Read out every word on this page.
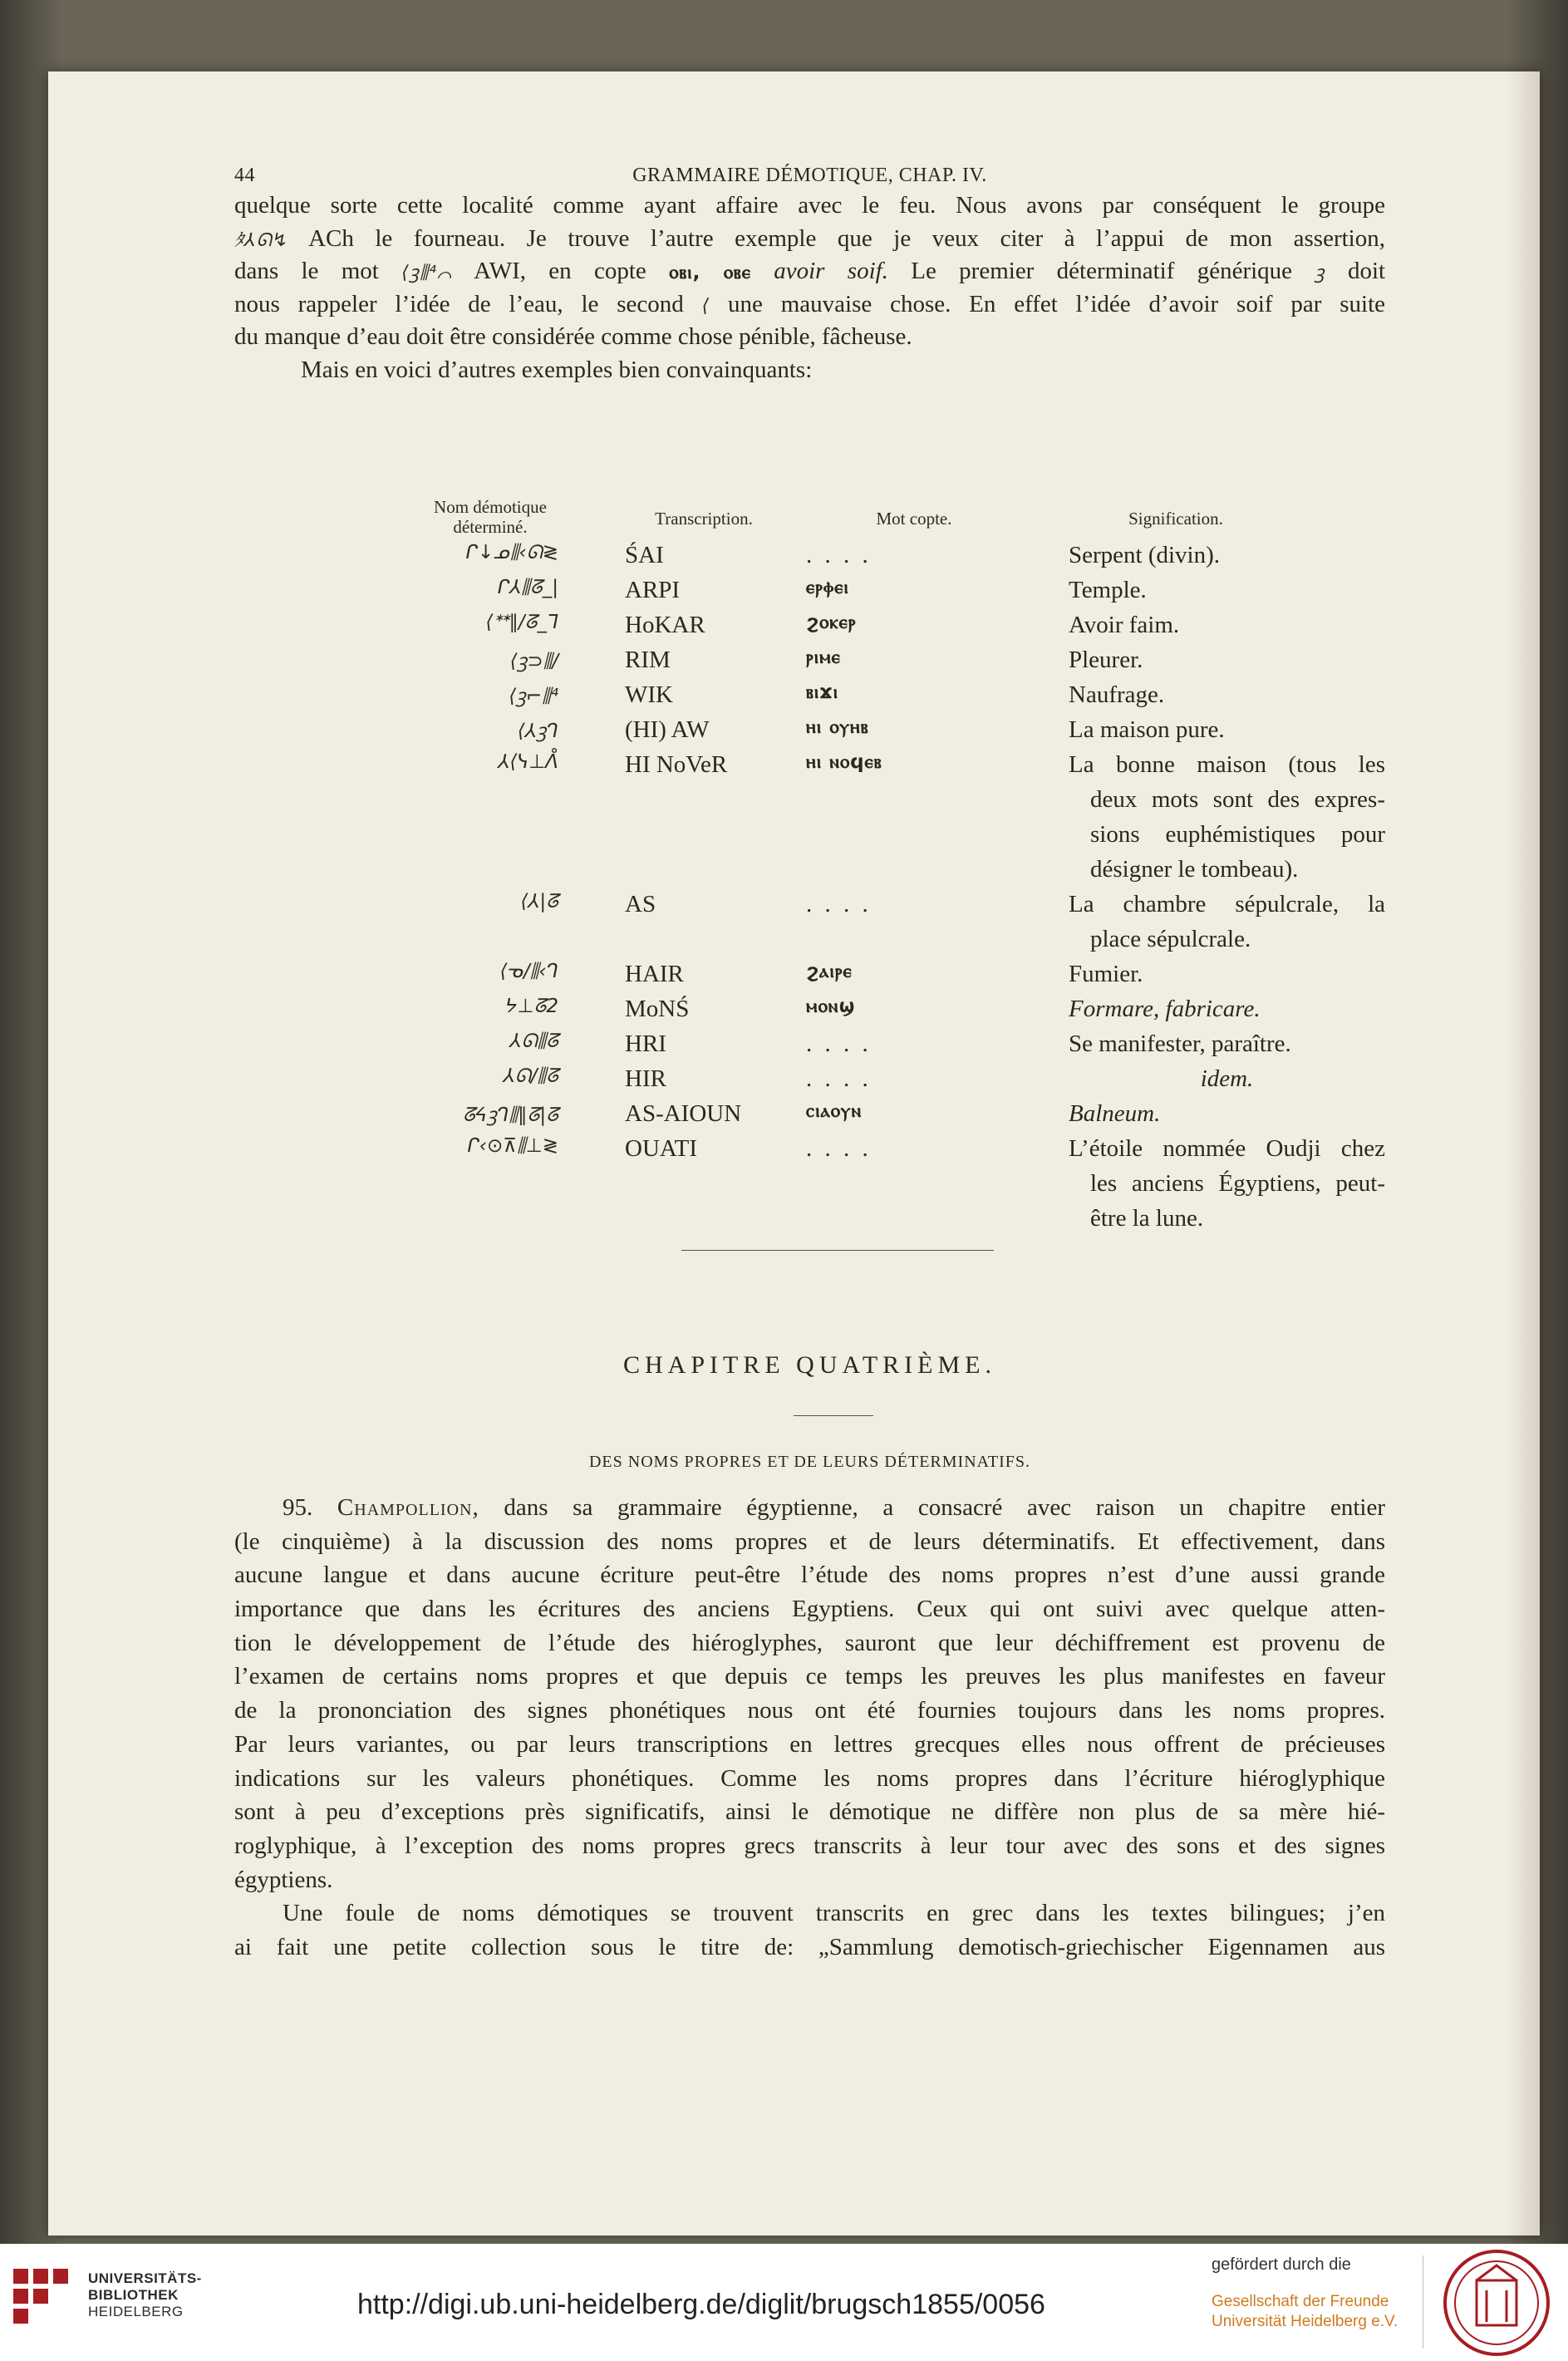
44	GRAMMAIRE DÉMOTIQUE, CHAP. IV.
quelque sorte cette localité comme ayant affaire avec le feu. Nous avons par conséquent le groupe
ﾀ⅄ᘏ↯ ACh le fourneau. Je trouve l’autre exemple que je veux citer à l’appui de mon assertion,
dans le mot ⟨ꝫ⫼⁴⌒ AWI, en copte ⲟⲃⲓ, ⲟⲃⲉ avoir soif. Le premier déterminatif générique ꝫ doit
nous rappeler l’idée de l’eau, le second ⟨ une mauvaise chose. En effet l’idée d’avoir soif par suite
du manque d’eau doit être considérée comme chose pénible, fâcheuse.
Mais en voici d’autres exemples bien convainquants:
Nom démotique
déterminé.	Transcription.	Mot copte.	Signification.
ᒋ↓ᓄ⫼‹ᘏ≷	ŚAI	. . . .	Serpent (divin).
ᒋ⅄⫼ᘔ_|	ARPI	ⲉⲣⲫⲉⲓ	Temple.
⟨ᕯ∥/ᘔ_ᒣ	HoKAR	ϩⲟⲕⲉⲣ	Avoir faim.
⟨ꝫ⊃⫼/	RIM	ⲣⲓⲙⲉ	Pleurer.
⟨ꝫ⌐⫼⁴	WIK	ⲃⲓϫⲓ	Naufrage.
⟨⅄ꝫᒉ	(HI) AW	ⲏⲓ ⲟⲩⲏⲃ	La maison pure.
⅄⟨ᓭ⊥ᐰ	HI NoVeR	ⲏⲓ ⲛⲟϥⲉⲃ	La bonne maison (tous les
deux mots sont des expres-
sions euphémistiques pour
désigner le tombeau).
⟨⅄|ᘔ	AS	. . . .	La chambre sépulcrale, la
place sépulcrale.
⟨ᓀ/⫼‹ᒉ	HAIR	ϩⲁⲓⲣⲉ	Fumier.
ᔭ⊥ᘔ2	MoNŚ	ⲙⲟⲛϣ	Formare, fabricare.
⅄ᘏ⫼ᘔ	HRI	. . . .	Se manifester, paraître.
⅄ᘏ/⫼ᘔ	HIR	. . . .	idem.
ᘔᔦꝫᒉ⫼∥ᘔ|ᘔ	AS-AIOUN	ⲥⲓⲁⲟⲩⲛ	Balneum.
ᒋ‹⊙⊼⫼⊥≷	OUATI	. . . .	L’étoile nommée Oudji chez
les anciens Égyptiens, peut-
être la lune.
CHAPITRE QUATRIÈME.
DES NOMS PROPRES ET DE LEURS DÉTERMINATIFS.
95. Champollion, dans sa grammaire égyptienne, a consacré avec raison un chapitre entier
(le cinquième) à la discussion des noms propres et de leurs déterminatifs. Et effectivement, dans
aucune langue et dans aucune écriture peut-être l’étude des noms propres n’est d’une aussi grande
importance que dans les écritures des anciens Egyptiens. Ceux qui ont suivi avec quelque atten-
tion le développement de l’étude des hiéroglyphes, sauront que leur déchiffrement est provenu de
l’examen de certains noms propres et que depuis ce temps les preuves les plus manifestes en faveur
de la prononciation des signes phonétiques nous ont été fournies toujours dans les noms propres.
Par leurs variantes, ou par leurs transcriptions en lettres grecques elles nous offrent de précieuses
indications sur les valeurs phonétiques. Comme les noms propres dans l’écriture hiéroglyphique
sont à peu d’exceptions près significatifs, ainsi le démotique ne diffère non plus de sa mère hié-
roglyphique, à l’exception des noms propres grecs transcrits à leur tour avec des sons et des signes
égyptiens.
Une foule de noms démotiques se trouvent transcrits en grec dans les textes bilingues; j’en
ai fait une petite collection sous le titre de: „Sammlung demotisch-griechischer Eigennamen aus
UNIVERSITÄTS-
BIBLIOTHEK
HEIDELBERG	http://digi.ub.uni-heidelberg.de/diglit/brugsch1855/0056
gefördert durch die
Gesellschaft der Freunde
Universität Heidelberg e.V.
